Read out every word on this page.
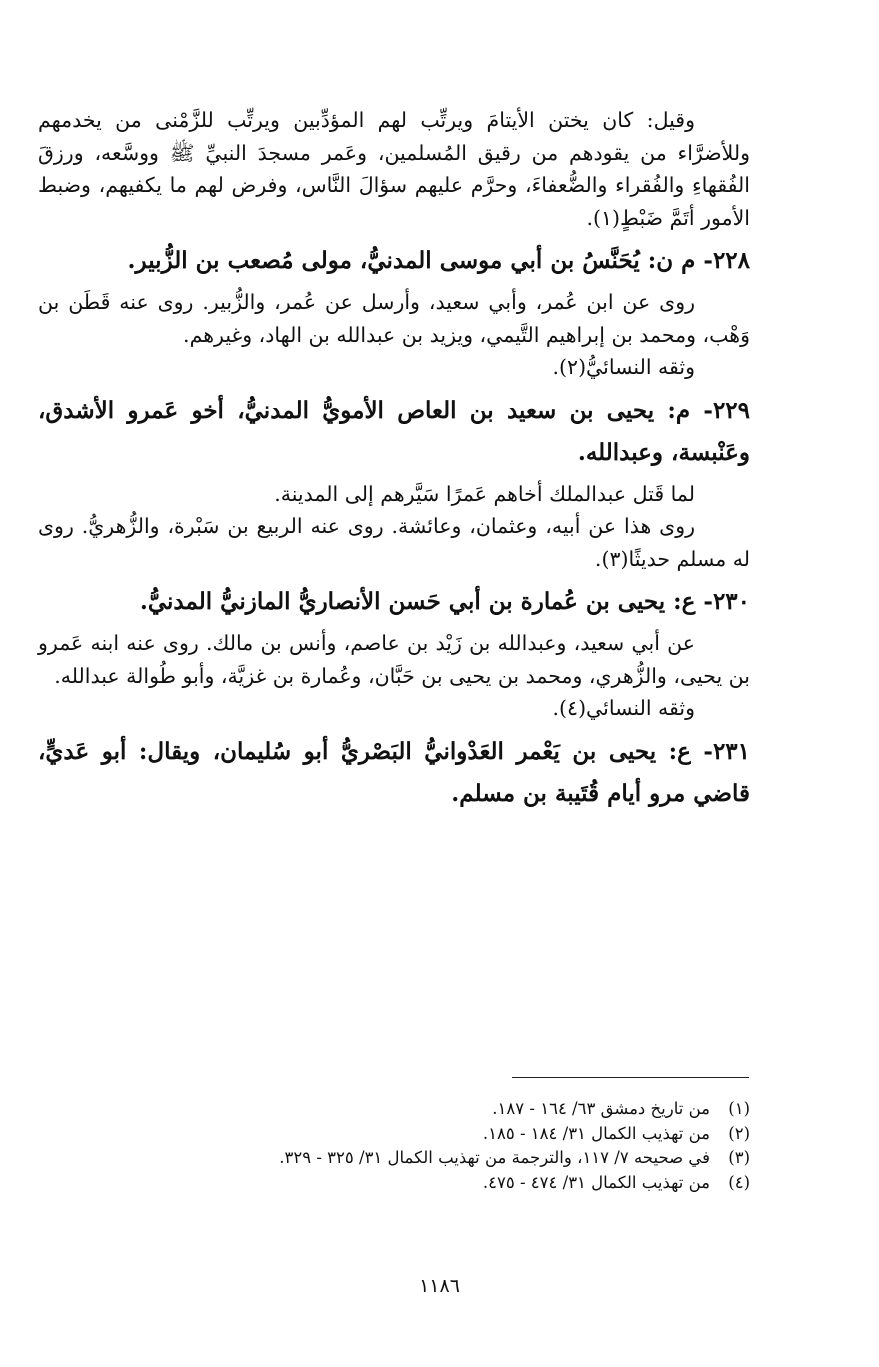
وقيل: كان يختن الأيتامَ ويرتِّب لهم المؤدِّبين ويرتِّب للزَّمْنى من يخدمهم وللأضرَّاء من يقودهم من رقيق المُسلمين، وعَمر مسجدَ النبيِّ ﷺ ووسَّعه، ورزقَ الفُقهاءِ والفُقراء والضُّعفاءَ، وحرَّم عليهم سؤالَ النَّاس، وفرض لهم ما يكفيهم، وضبط الأمور أتَمَّ ضَبْطٍ(١).

٢٢٨- م ن: يُحَنَّسُ بن أبي موسى المدنيُّ، مولى مُصعب بن الزُّبير.

روى عن ابن عُمر، وأبي سعيد، وأرسل عن عُمر، والزُّبير. روى عنه قَطَن بن وَهْب، ومحمد بن إبراهيم التَّيمي، ويزيد بن عبدالله بن الهاد، وغيرهم.

وثقه النسائيُّ(٢).

٢٢٩- م: يحيى بن سعيد بن العاص الأمويُّ المدنيُّ، أخو عَمرو الأشدق، وعَنْبسة، وعبدالله.

لما قَتل عبدالملك أخاهم عَمرًا سَيَّرهم إلى المدينة.

روى هذا عن أبيه، وعثمان، وعائشة. روى عنه الربيع بن سَبْرة، والزُّهريُّ. روى له مسلم حديثًا(٣).

٢٣٠- ع: يحيى بن عُمارة بن أبي حَسن الأنصاريُّ المازنيُّ المدنيُّ.

عن أبي سعيد، وعبدالله بن زَيْد بن عاصم، وأنس بن مالك. روى عنه ابنه عَمرو بن يحيى، والزُّهري، ومحمد بن يحيى بن حَبَّان، وعُمارة بن غزيَّة، وأبو طُوالة عبدالله.

وثقه النسائي(٤).

٢٣١- ع: يحيى بن يَعْمر العَدْوانيُّ البَصْريُّ أبو سُليمان، ويقال: أبو عَديٍّ، قاضي مرو أيام قُتَيبة بن مسلم.

(١)
من تاريخ دمشق ٦٣/ ١٦٤ - ١٨٧.
(٢)
من تهذيب الكمال ٣١/ ١٨٤ - ١٨٥.
(٣)
في صحيحه ٧/ ١١٧، والترجمة من تهذيب الكمال ٣١/ ٣٢٥ - ٣٢٩.
(٤)
من تهذيب الكمال ٣١/ ٤٧٤ - ٤٧٥.
١١٨٦
